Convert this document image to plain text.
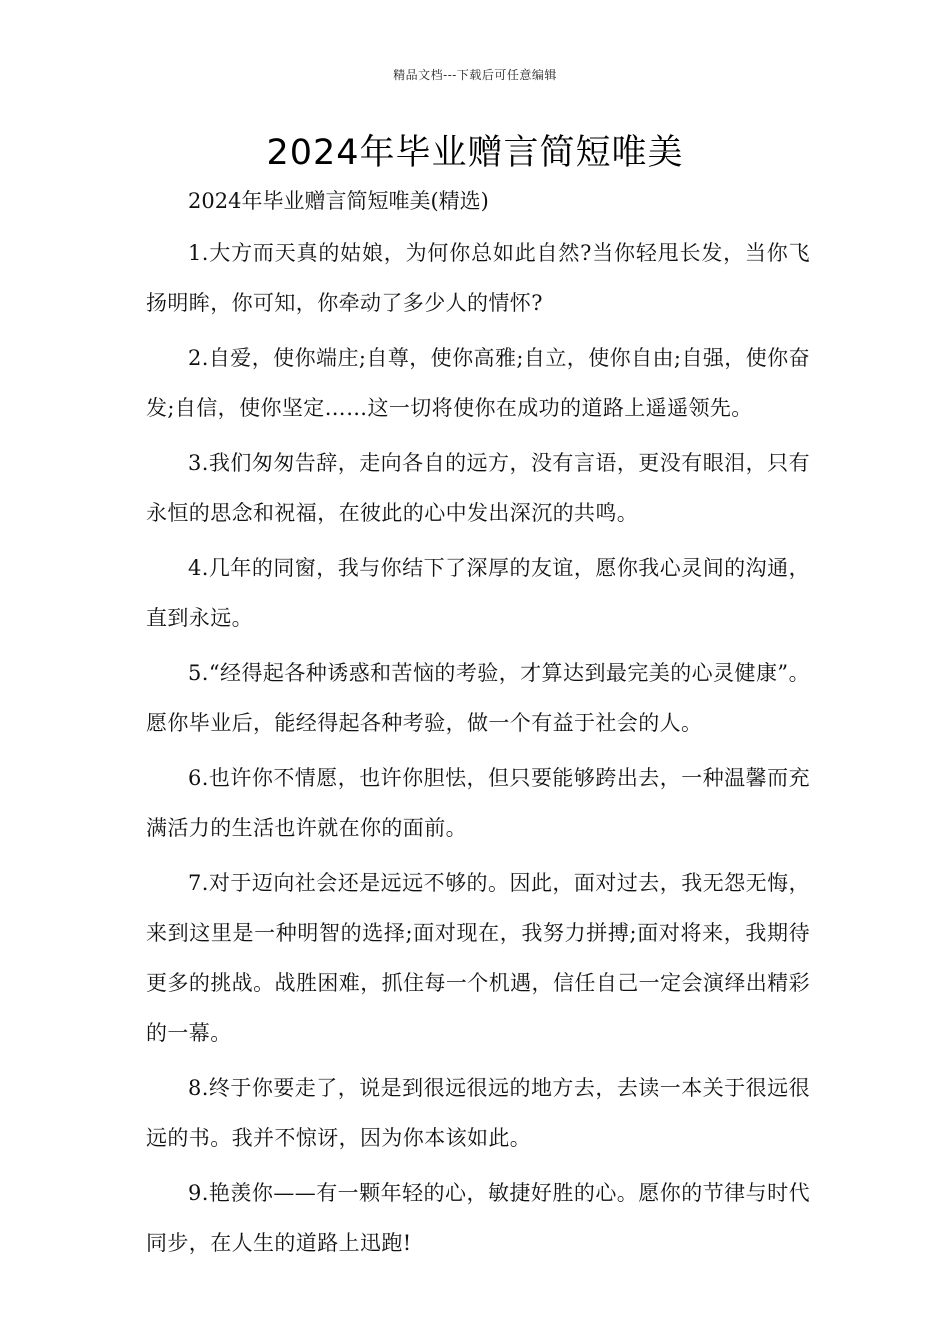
精品文档---下载后可任意编辑
2024年毕业赠言简短唯美

2024年毕业赠言简短唯美(精选)

1.大方而天真的姑娘，为何你总如此自然?当你轻甩长发，当你飞扬明眸，你可知，你牵动了多少人的情怀?

2.自爱，使你端庄;自尊，使你高雅;自立，使你自由;自强，使你奋发;自信，使你坚定……这一切将使你在成功的道路上遥遥领先。

3.我们匆匆告辞，走向各自的远方，没有言语，更没有眼泪，只有永恒的思念和祝福，在彼此的心中发出深沉的共鸣。

4.几年的同窗，我与你结下了深厚的友谊，愿你我心灵间的沟通，直到永远。

5.“经得起各种诱惑和苦恼的考验，才算达到最完美的心灵健康”。愿你毕业后，能经得起各种考验，做一个有益于社会的人。

6.也许你不情愿，也许你胆怯，但只要能够跨出去，一种温馨而充满活力的生活也许就在你的面前。

7.对于迈向社会还是远远不够的。因此，面对过去，我无怨无悔，来到这里是一种明智的选择;面对现在，我努力拼搏;面对将来，我期待更多的挑战。战胜困难，抓住每一个机遇，信任自己一定会演绎出精彩的一幕。

8.终于你要走了，说是到很远很远的地方去，去读一本关于很远很远的书。我并不惊讶，因为你本该如此。

9.艳羡你——有一颗年轻的心，敏捷好胜的心。愿你的节律与时代同步，在人生的道路上迅跑!
